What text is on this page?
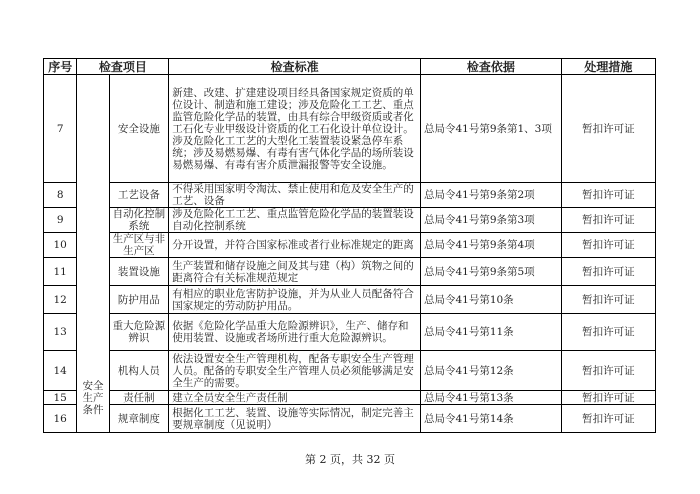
序号	检查项目		检查标准	检查依据	处理措施
7	安全生产条件	安全设施	新建、改建、扩建建设项目经具备国家规定资质的单位设计、制造和施工建设；涉及危险化工工艺、重点监管危险化学品的装置，由具有综合甲级资质或者化工石化专业甲级设计资质的化工石化设计单位设计。涉及危险化工工艺的大型化工装置装设紧急停车系统；涉及易燃易爆、有毒有害气体化学品的场所装设易燃易爆、有毒有害介质泄漏报警等安全设施。	总局令41号第9条第1、3项	暂扣许可证
8		工艺设备	不得采用国家明令淘汰、禁止使用和危及安全生产的工艺、设备	总局令41号第9条第2项	暂扣许可证
9		自动化控制系统	涉及危险化工工艺、重点监管危险化学品的装置装设自动化控制系统	总局令41号第9条第3项	暂扣许可证
10		生产区与非生产区	分开设置，并符合国家标准或者行业标准规定的距离	总局令41号第9条第4项	暂扣许可证
11		装置设施	生产装置和储存设施之间及其与建（构）筑物之间的距离符合有关标准规范规定	总局令41号第9条第5项	暂扣许可证
12		防护用品	有相应的职业危害防护设施，并为从业人员配备符合国家规定的劳动防护用品。	总局令41号第10条	暂扣许可证
13		重大危险源辨识	依据《危险化学品重大危险源辨识》，生产、储存和使用装置、设施或者场所进行重大危险源辨识。	总局令41号第11条	暂扣许可证
14		机构人员	依法设置安全生产管理机构，配备专职安全生产管理人员。配备的专职安全生产管理人员必须能够满足安全生产的需要。	总局令41号第12条	暂扣许可证
15		责任制	建立全员安全生产责任制	总局令41号第13条	暂扣许可证
16		规章制度	根据化工工艺、装置、设施等实际情况，制定完善主要规章制度（见说明）	总局令41号第14条	暂扣许可证
第 2 页，共 32 页
